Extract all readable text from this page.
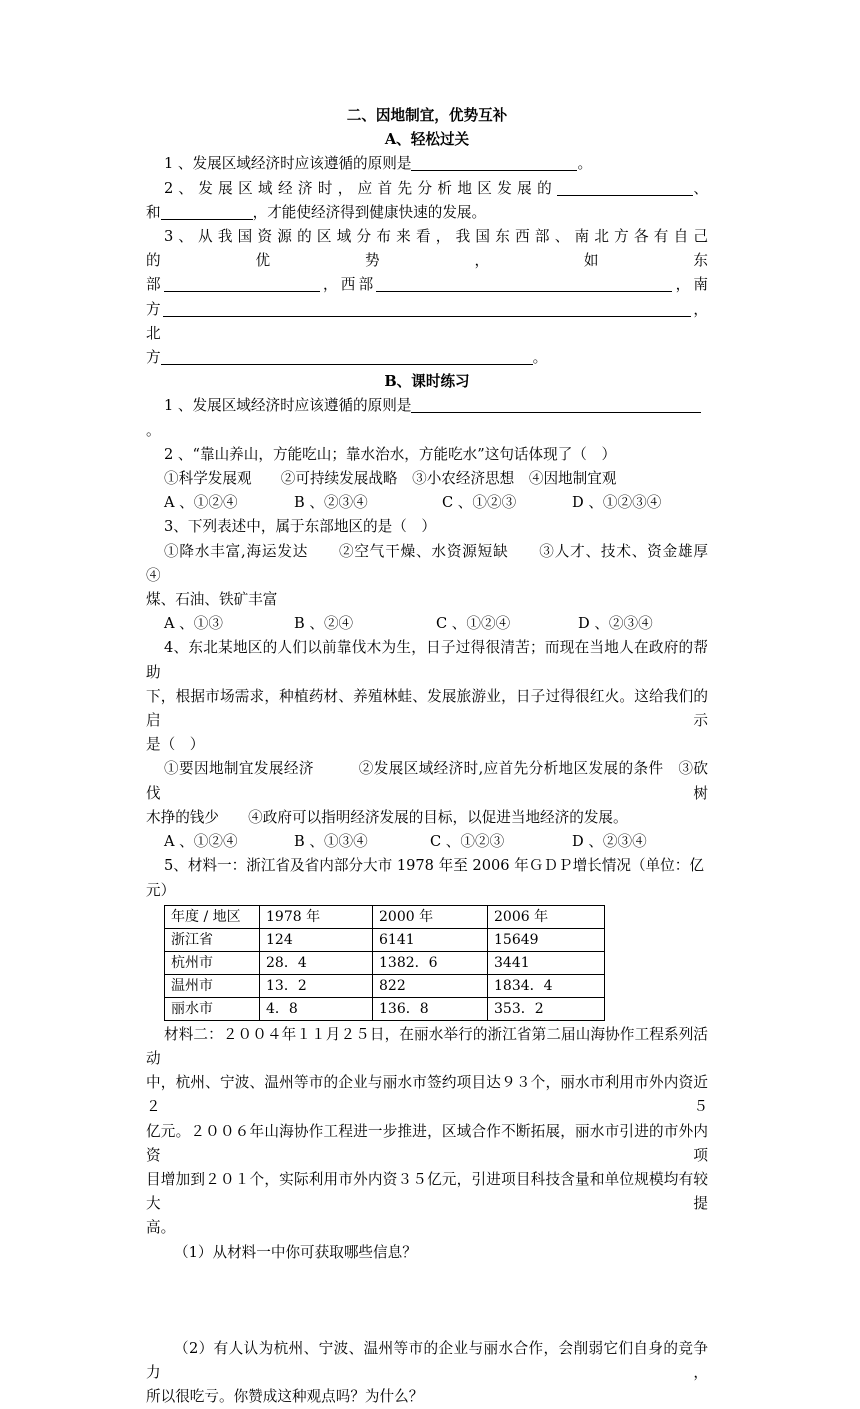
二、因地制宜，优势互补

A、轻松过关

1 、发展区域经济时应该遵循的原则是	。

2 、 发 展 区 域 经 济 时 ， 应 首 先 分 析 地 区 发 展 的	、

和	，才能使经济得到健康快速的发展。

3 、 从 我 国 资 源 的 区 域 分 布 来 看 ， 我 国 东 西 部 、 南 北 方 各 有 自 己 的 优 势 ， 如 东

部	，西部	，南

方	，北

方	。

B、课时练习

1 、发展区域经济时应该遵循的原则是。

2 、“靠山养山，方能吃山；靠水治水，方能吃水”这句话体现了（　）

①科学发展观　　②可持续发展战略　③小农经济思想　④因地制宜观

A 、①②④	B 、②③④	C 、①②③	D 、①②③④

3、下列表述中，属于东部地区的是（　）

①降水丰富,海运发达　　②空气干燥、水资源短缺　　③人才、技术、资金雄厚　　④

煤、石油、铁矿丰富

A 、①③	B 、②④	C 、①②④	D 、②③④

4、东北某地区的人们以前靠伐木为生，日子过得很清苦；而现在当地人在政府的帮助

下，根据市场需求，种植药材、养殖林蛙、发展旅游业，日子过得很红火。这给我们的启示

是（　）

①要因地制宜发展经济　　　②发展区域经济时,应首先分析地区发展的条件　③砍伐树

木挣的钱少　　④政府可以指明经济发展的目标，以促进当地经济的发展。

A 、①②④	B 、①③④	C 、①②③	D 、②③④

5、材料一：浙江省及省内部分大市 1978 年至 2006 年ＧＤＰ增长情况（单位：亿元）

年度 / 地区	1978 年	2000 年	2006 年
浙江省	124	6141	15649
杭州市	28．4	1382．6	3441
温州市	13．2	822	1834．4
丽水市	4．8	136．8	353．2

材料二：２００４年１１月２５日，在丽水举行的浙江省第二届山海协作工程系列活动

中，杭州、宁波、温州等市的企业与丽水市签约项目达９３个，丽水市利用市外内资近２５

亿元。２００６年山海协作工程进一步推进，区域合作不断拓展，丽水市引进的市外内资项

目增加到２０１个，实际利用市外内资３５亿元，引进项目科技含量和单位规模均有较大提

高。

（1）从材料一中你可获取哪些信息？

（2）有人认为杭州、宁波、温州等市的企业与丽水合作，会削弱它们自身的竞争力，

所以很吃亏。你赞成这种观点吗？为什么？
